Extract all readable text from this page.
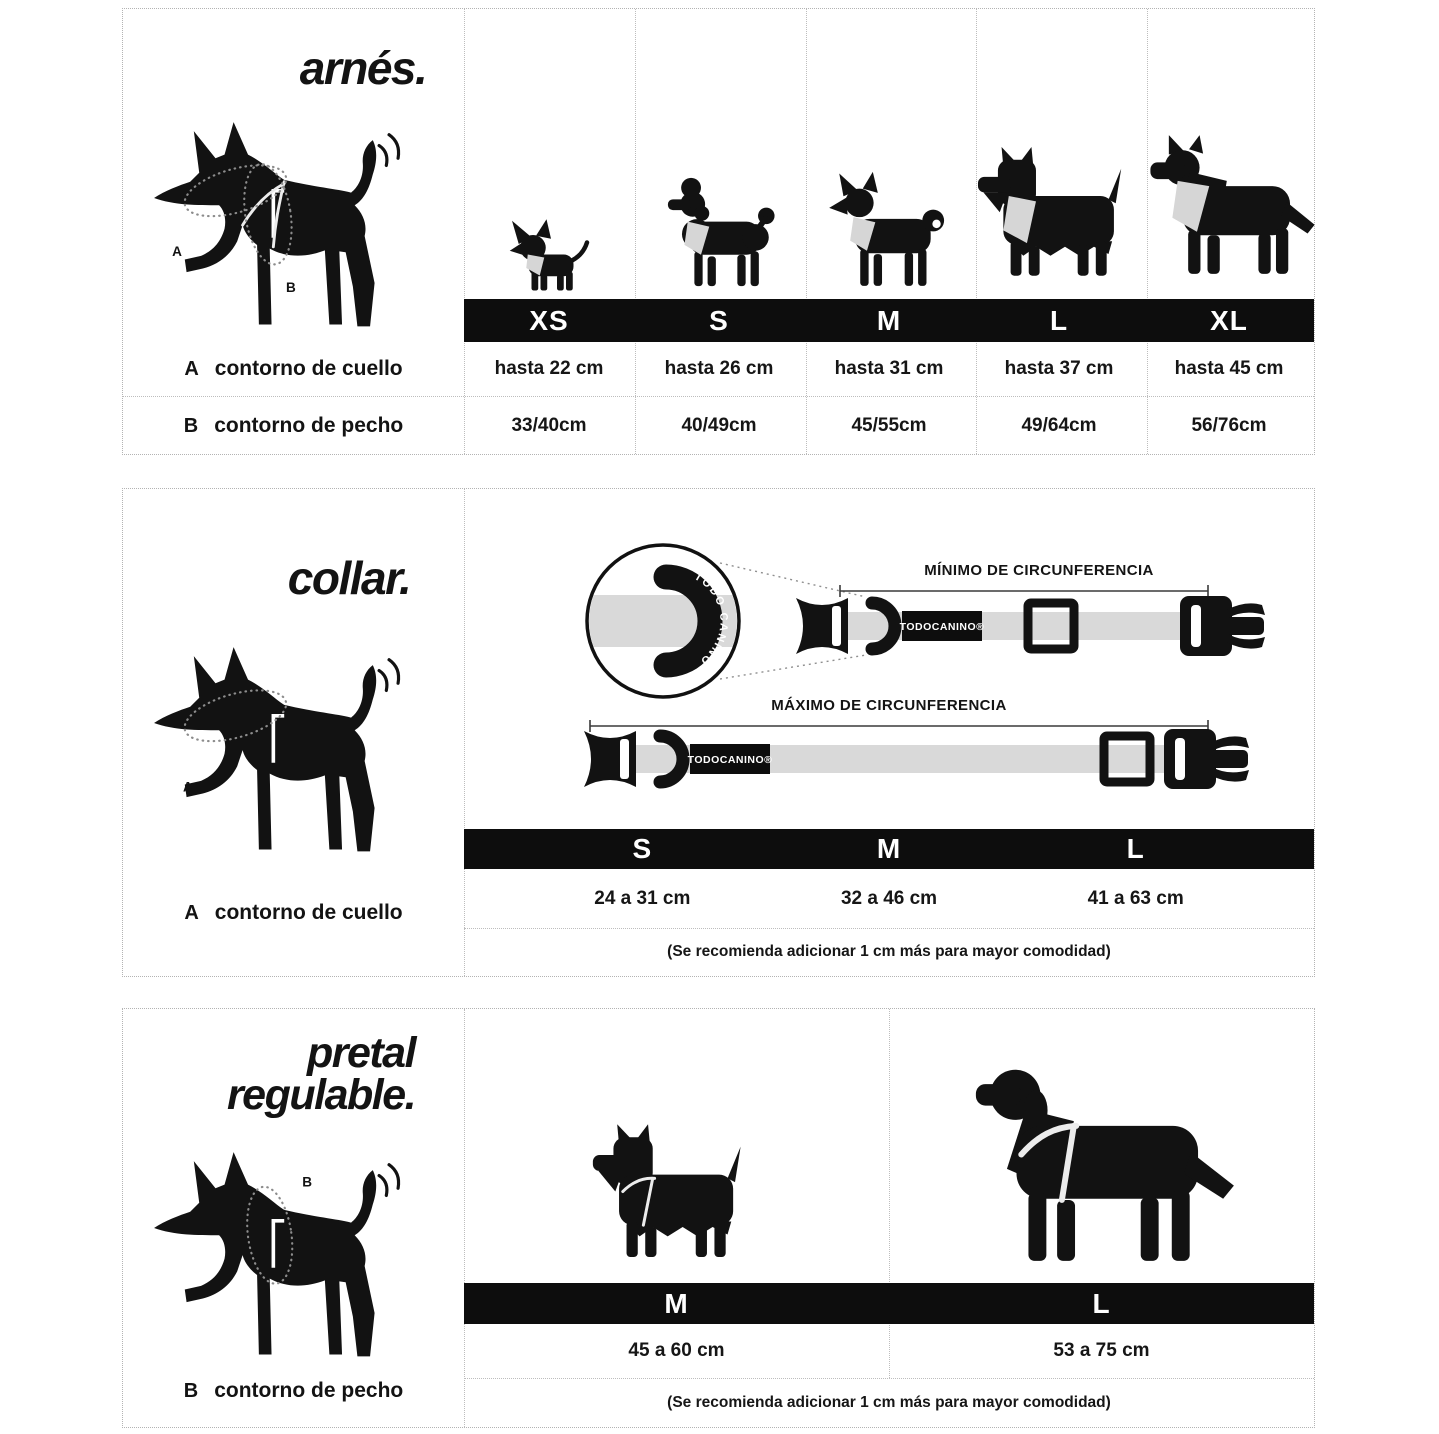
arnés.
A
B
XS	S	M	L	XL
A contorno de cuello	hasta 22 cm	hasta 26 cm	hasta 31 cm	hasta 37 cm	hasta 45 cm
B contorno de pecho	33/40cm	40/49cm	45/55cm	49/64cm	56/76cm
collar.
A
A contorno de cuello
TODO CANINO
MÍNIMO DE CIRCUNFERENCIA
TODOCANINO®
MÁXIMO DE CIRCUNFERENCIA
TODOCANINO®
S	M	L
24 a 31 cm	32 a 46 cm	41 a 63 cm
(Se recomienda adicionar 1 cm más para mayor comodidad)
pretal
regulable.
B
B contorno de pecho
M	L
45 a 60 cm	53 a 75 cm
(Se recomienda adicionar 1 cm más para mayor comodidad)
